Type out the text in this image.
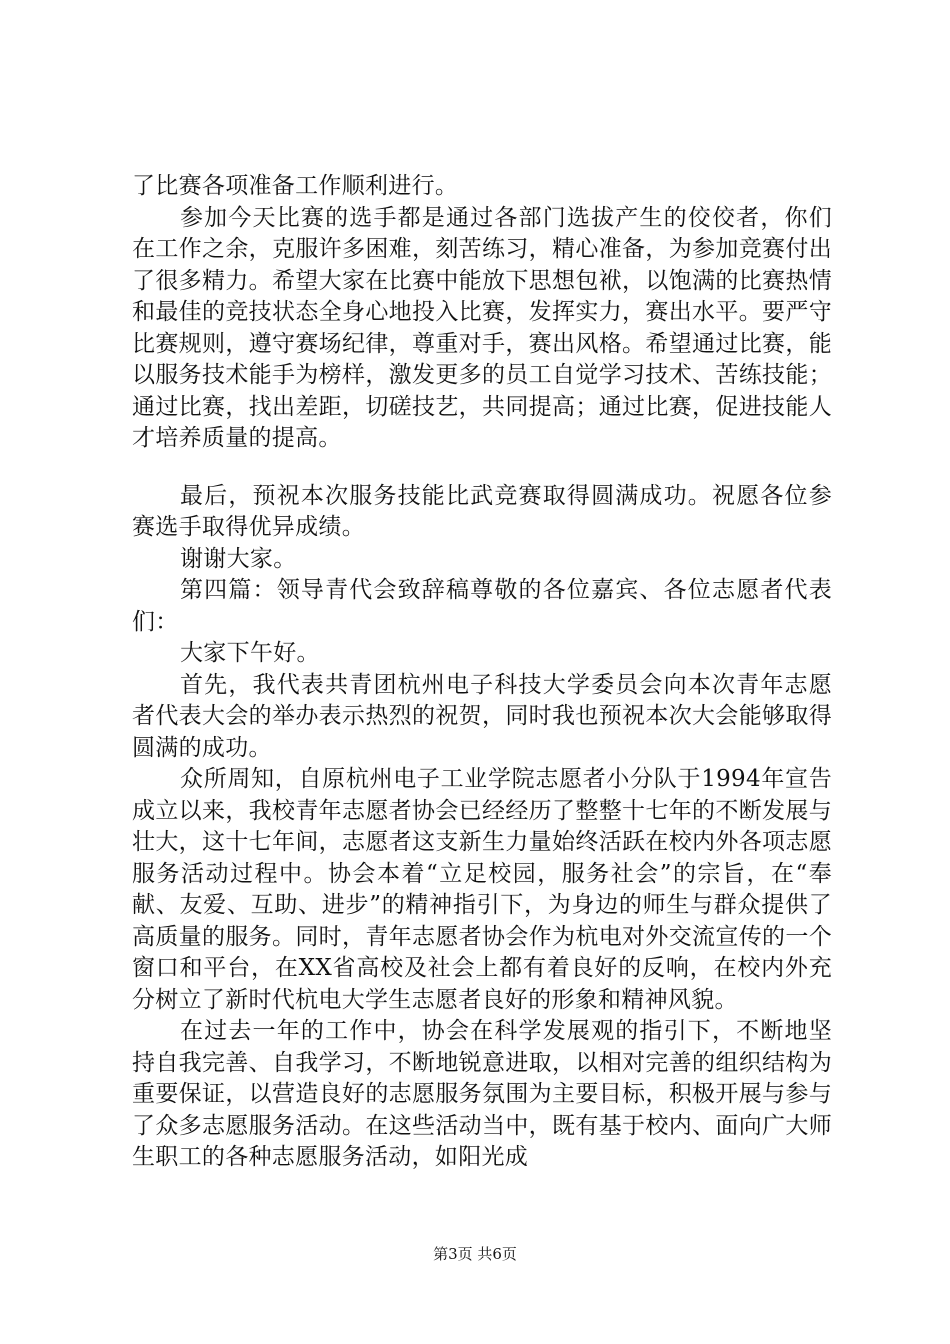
了比赛各项准备工作顺利进行。

参加今天比赛的选手都是通过各部门选拔产生的佼佼者，你们在工作之余，克服许多困难，刻苦练习，精心准备，为参加竞赛付出了很多精力。希望大家在比赛中能放下思想包袱，以饱满的比赛热情和最佳的竞技状态全身心地投入比赛，发挥实力，赛出水平。要严守比赛规则，遵守赛场纪律，尊重对手，赛出风格。希望通过比赛，能以服务技术能手为榜样，激发更多的员工自觉学习技术、苦练技能；通过比赛，找出差距，切磋技艺，共同提高；通过比赛，促进技能人才培养质量的提高。

最后，预祝本次服务技能比武竞赛取得圆满成功。祝愿各位参赛选手取得优异成绩。

谢谢大家。

第四篇：领导青代会致辞稿尊敬的各位嘉宾、各位志愿者代表们：

大家下午好。

首先，我代表共青团杭州电子科技大学委员会向本次青年志愿者代表大会的举办表示热烈的祝贺，同时我也预祝本次大会能够取得圆满的成功。

众所周知，自原杭州电子工业学院志愿者小分队于1994年宣告成立以来，我校青年志愿者协会已经经历了整整十七年的不断发展与壮大，这十七年间，志愿者这支新生力量始终活跃在校内外各项志愿服务活动过程中。协会本着“立足校园，服务社会”的宗旨，在“奉献、友爱、互助、进步”的精神指引下，为身边的师生与群众提供了高质量的服务。同时，青年志愿者协会作为杭电对外交流宣传的一个窗口和平台，在XX省高校及社会上都有着良好的反响，在校内外充分树立了新时代杭电大学生志愿者良好的形象和精神风貌。

在过去一年的工作中，协会在科学发展观的指引下，不断地坚持自我完善、自我学习，不断地锐意进取，以相对完善的组织结构为重要保证，以营造良好的志愿服务氛围为主要目标，积极开展与参与了众多志愿服务活动。在这些活动当中，既有基于校内、面向广大师生职工的各种志愿服务活动，如阳光成

第3页 共6页
